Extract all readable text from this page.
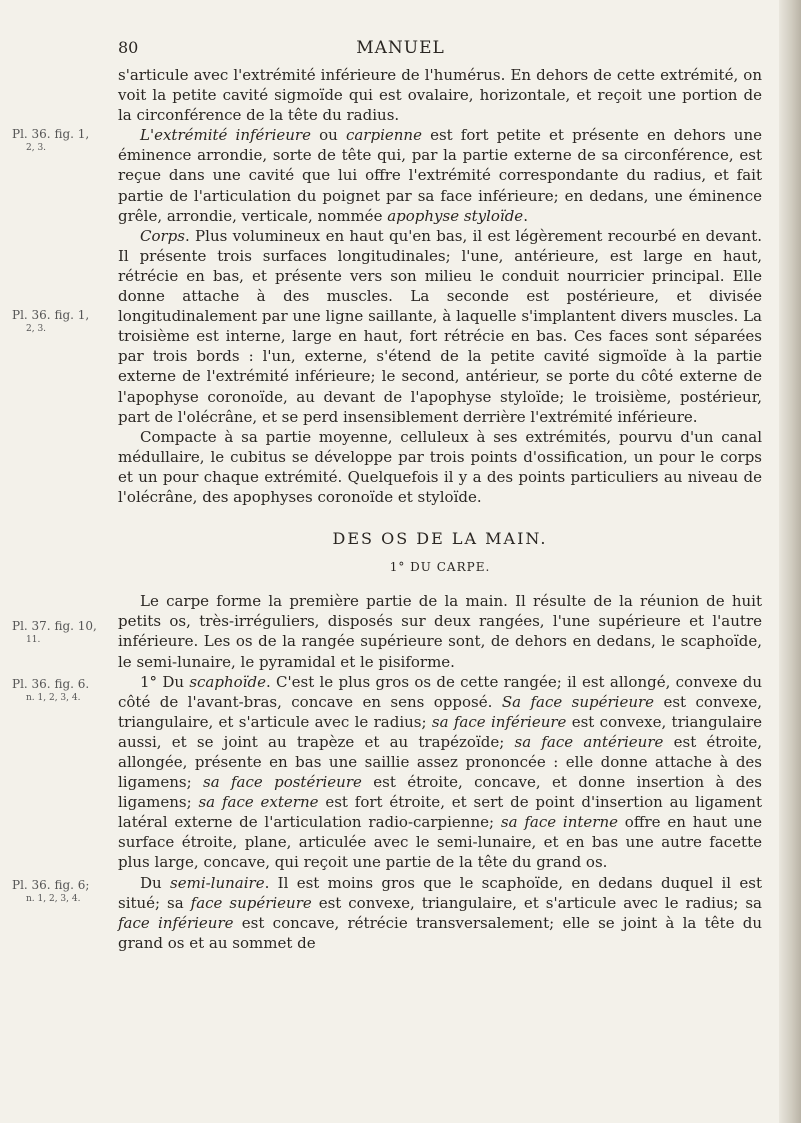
80	MANUEL
Pl. 36. fig. 1,
2, 3.
Pl. 36. fig. 1,
2, 3.
Pl. 37. fig. 10,
11.
Pl. 36. fig. 6.
n. 1, 2, 3, 4.
Pl. 36. fig. 6;
n. 1, 2, 3, 4.

s'articule avec l'extrémité inférieure de l'humérus. En dehors de cette extrémité, on voit la petite cavité sigmoïde qui est ovalaire, horizontale, et reçoit une portion de la circonférence de la tête du radius.

L'extrémité inférieure ou carpienne est fort petite et présente en dehors une éminence arrondie, sorte de tête qui, par la partie externe de sa circonférence, est reçue dans une cavité que lui offre l'extrémité correspondante du radius, et fait partie de l'articulation du poignet par sa face inférieure; en dedans, une éminence grêle, arrondie, verticale, nommée apophyse styloïde.

Corps. Plus volumineux en haut qu'en bas, il est légèrement recourbé en devant. Il présente trois surfaces longitudinales; l'une, antérieure, est large en haut, rétrécie en bas, et présente vers son milieu le conduit nourricier principal. Elle donne attache à des muscles. La seconde est postérieure, et divisée longitudinalement par une ligne saillante, à laquelle s'implantent divers muscles. La troisième est interne, large en haut, fort rétrécie en bas. Ces faces sont séparées par trois bords : l'un, externe, s'étend de la petite cavité sigmoïde à la partie externe de l'extrémité inférieure; le second, antérieur, se porte du côté externe de l'apophyse coronoïde, au devant de l'apophyse styloïde; le troisième, postérieur, part de l'olécrâne, et se perd insensiblement derrière l'extrémité inférieure.

Compacte à sa partie moyenne, celluleux à ses extrémités, pourvu d'un canal médullaire, le cubitus se développe par trois points d'ossification, un pour le corps et un pour chaque extrémité. Quelquefois il y a des points particuliers au niveau de l'olécrâne, des apophyses coronoïde et styloïde.

DES OS DE LA MAIN.

1° DU CARPE.

Le carpe forme la première partie de la main. Il résulte de la réunion de huit petits os, très-irréguliers, disposés sur deux rangées, l'une supérieure et l'autre inférieure. Les os de la rangée supérieure sont, de dehors en dedans, le scaphoïde, le semi-lunaire, le pyramidal et le pisiforme.

1° Du scaphoïde. C'est le plus gros os de cette rangée; il est allongé, convexe du côté de l'avant-bras, concave en sens opposé. Sa face supérieure est convexe, triangulaire, et s'articule avec le radius; sa face inférieure est convexe, triangulaire aussi, et se joint au trapèze et au trapézoïde; sa face antérieure est étroite, allongée, présente en bas une saillie assez prononcée : elle donne attache à des ligamens; sa face postérieure est étroite, concave, et donne insertion à des ligamens; sa face externe est fort étroite, et sert de point d'insertion au ligament latéral externe de l'articulation radio-carpienne; sa face interne offre en haut une surface étroite, plane, articulée avec le semi-lunaire, et en bas une autre facette plus large, concave, qui reçoit une partie de la tête du grand os.

Du semi-lunaire. Il est moins gros que le scaphoïde, en dedans duquel il est situé; sa face supérieure est convexe, triangulaire, et s'articule avec le radius; sa face inférieure est concave, rétrécie transversalement; elle se joint à la tête du grand os et au sommet de
